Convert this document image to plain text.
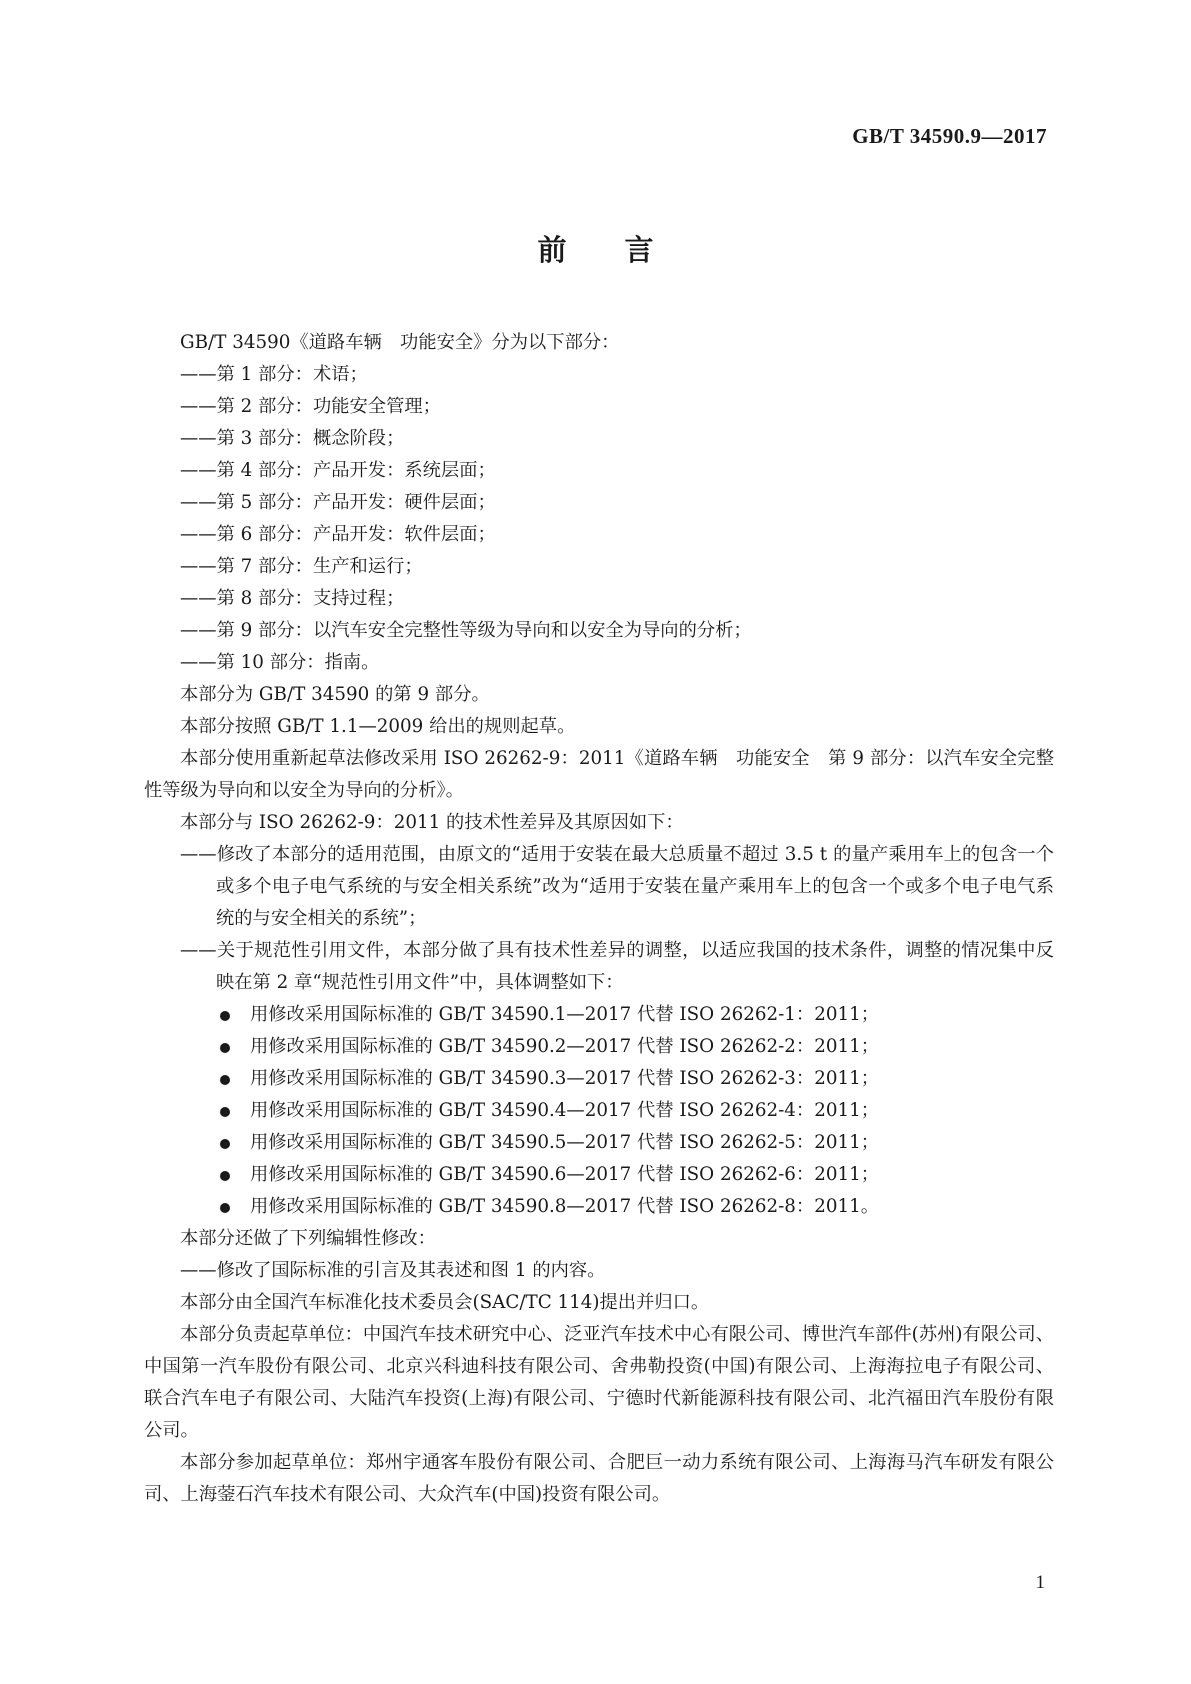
GB/T 34590.9—2017
前言

GB/T 34590《道路车辆　功能安全》分为以下部分：

——第 1 部分：术语；

——第 2 部分：功能安全管理；

——第 3 部分：概念阶段；

——第 4 部分：产品开发：系统层面；

——第 5 部分：产品开发：硬件层面；

——第 6 部分：产品开发：软件层面；

——第 7 部分：生产和运行；

——第 8 部分：支持过程；

——第 9 部分：以汽车安全完整性等级为导向和以安全为导向的分析；

——第 10 部分：指南。

本部分为 GB/T 34590 的第 9 部分。

本部分按照 GB/T 1.1—2009 给出的规则起草。

本部分使用重新起草法修改采用 ISO 26262-9：2011《道路车辆　功能安全　第 9 部分：以汽车安全完整性等级为导向和以安全为导向的分析》。

本部分与 ISO 26262-9：2011 的技术性差异及其原因如下：

——修改了本部分的适用范围，由原文的“适用于安装在最大总质量不超过 3.5 t 的量产乘用车上的包含一个或多个电子电气系统的与安全相关系统”改为“适用于安装在量产乘用车上的包含一个或多个电子电气系统的与安全相关的系统”；

——关于规范性引用文件，本部分做了具有技术性差异的调整，以适应我国的技术条件，调整的情况集中反映在第 2 章“规范性引用文件”中，具体调整如下：

用修改采用国际标准的 GB/T 34590.1—2017 代替 ISO 26262-1：2011；

用修改采用国际标准的 GB/T 34590.2—2017 代替 ISO 26262-2：2011；

用修改采用国际标准的 GB/T 34590.3—2017 代替 ISO 26262-3：2011；

用修改采用国际标准的 GB/T 34590.4—2017 代替 ISO 26262-4：2011；

用修改采用国际标准的 GB/T 34590.5—2017 代替 ISO 26262-5：2011；

用修改采用国际标准的 GB/T 34590.6—2017 代替 ISO 26262-6：2011；

用修改采用国际标准的 GB/T 34590.8—2017 代替 ISO 26262-8：2011。

本部分还做了下列编辑性修改：

——修改了国际标准的引言及其表述和图 1 的内容。

本部分由全国汽车标准化技术委员会(SAC/TC 114)提出并归口。

本部分负责起草单位：中国汽车技术研究中心、泛亚汽车技术中心有限公司、博世汽车部件(苏州)有限公司、中国第一汽车股份有限公司、北京兴科迪科技有限公司、舍弗勒投资(中国)有限公司、上海海拉电子有限公司、联合汽车电子有限公司、大陆汽车投资(上海)有限公司、宁德时代新能源科技有限公司、北汽福田汽车股份有限公司。

本部分参加起草单位：郑州宇通客车股份有限公司、合肥巨一动力系统有限公司、上海海马汽车研发有限公司、上海蓥石汽车技术有限公司、大众汽车(中国)投资有限公司。

1
